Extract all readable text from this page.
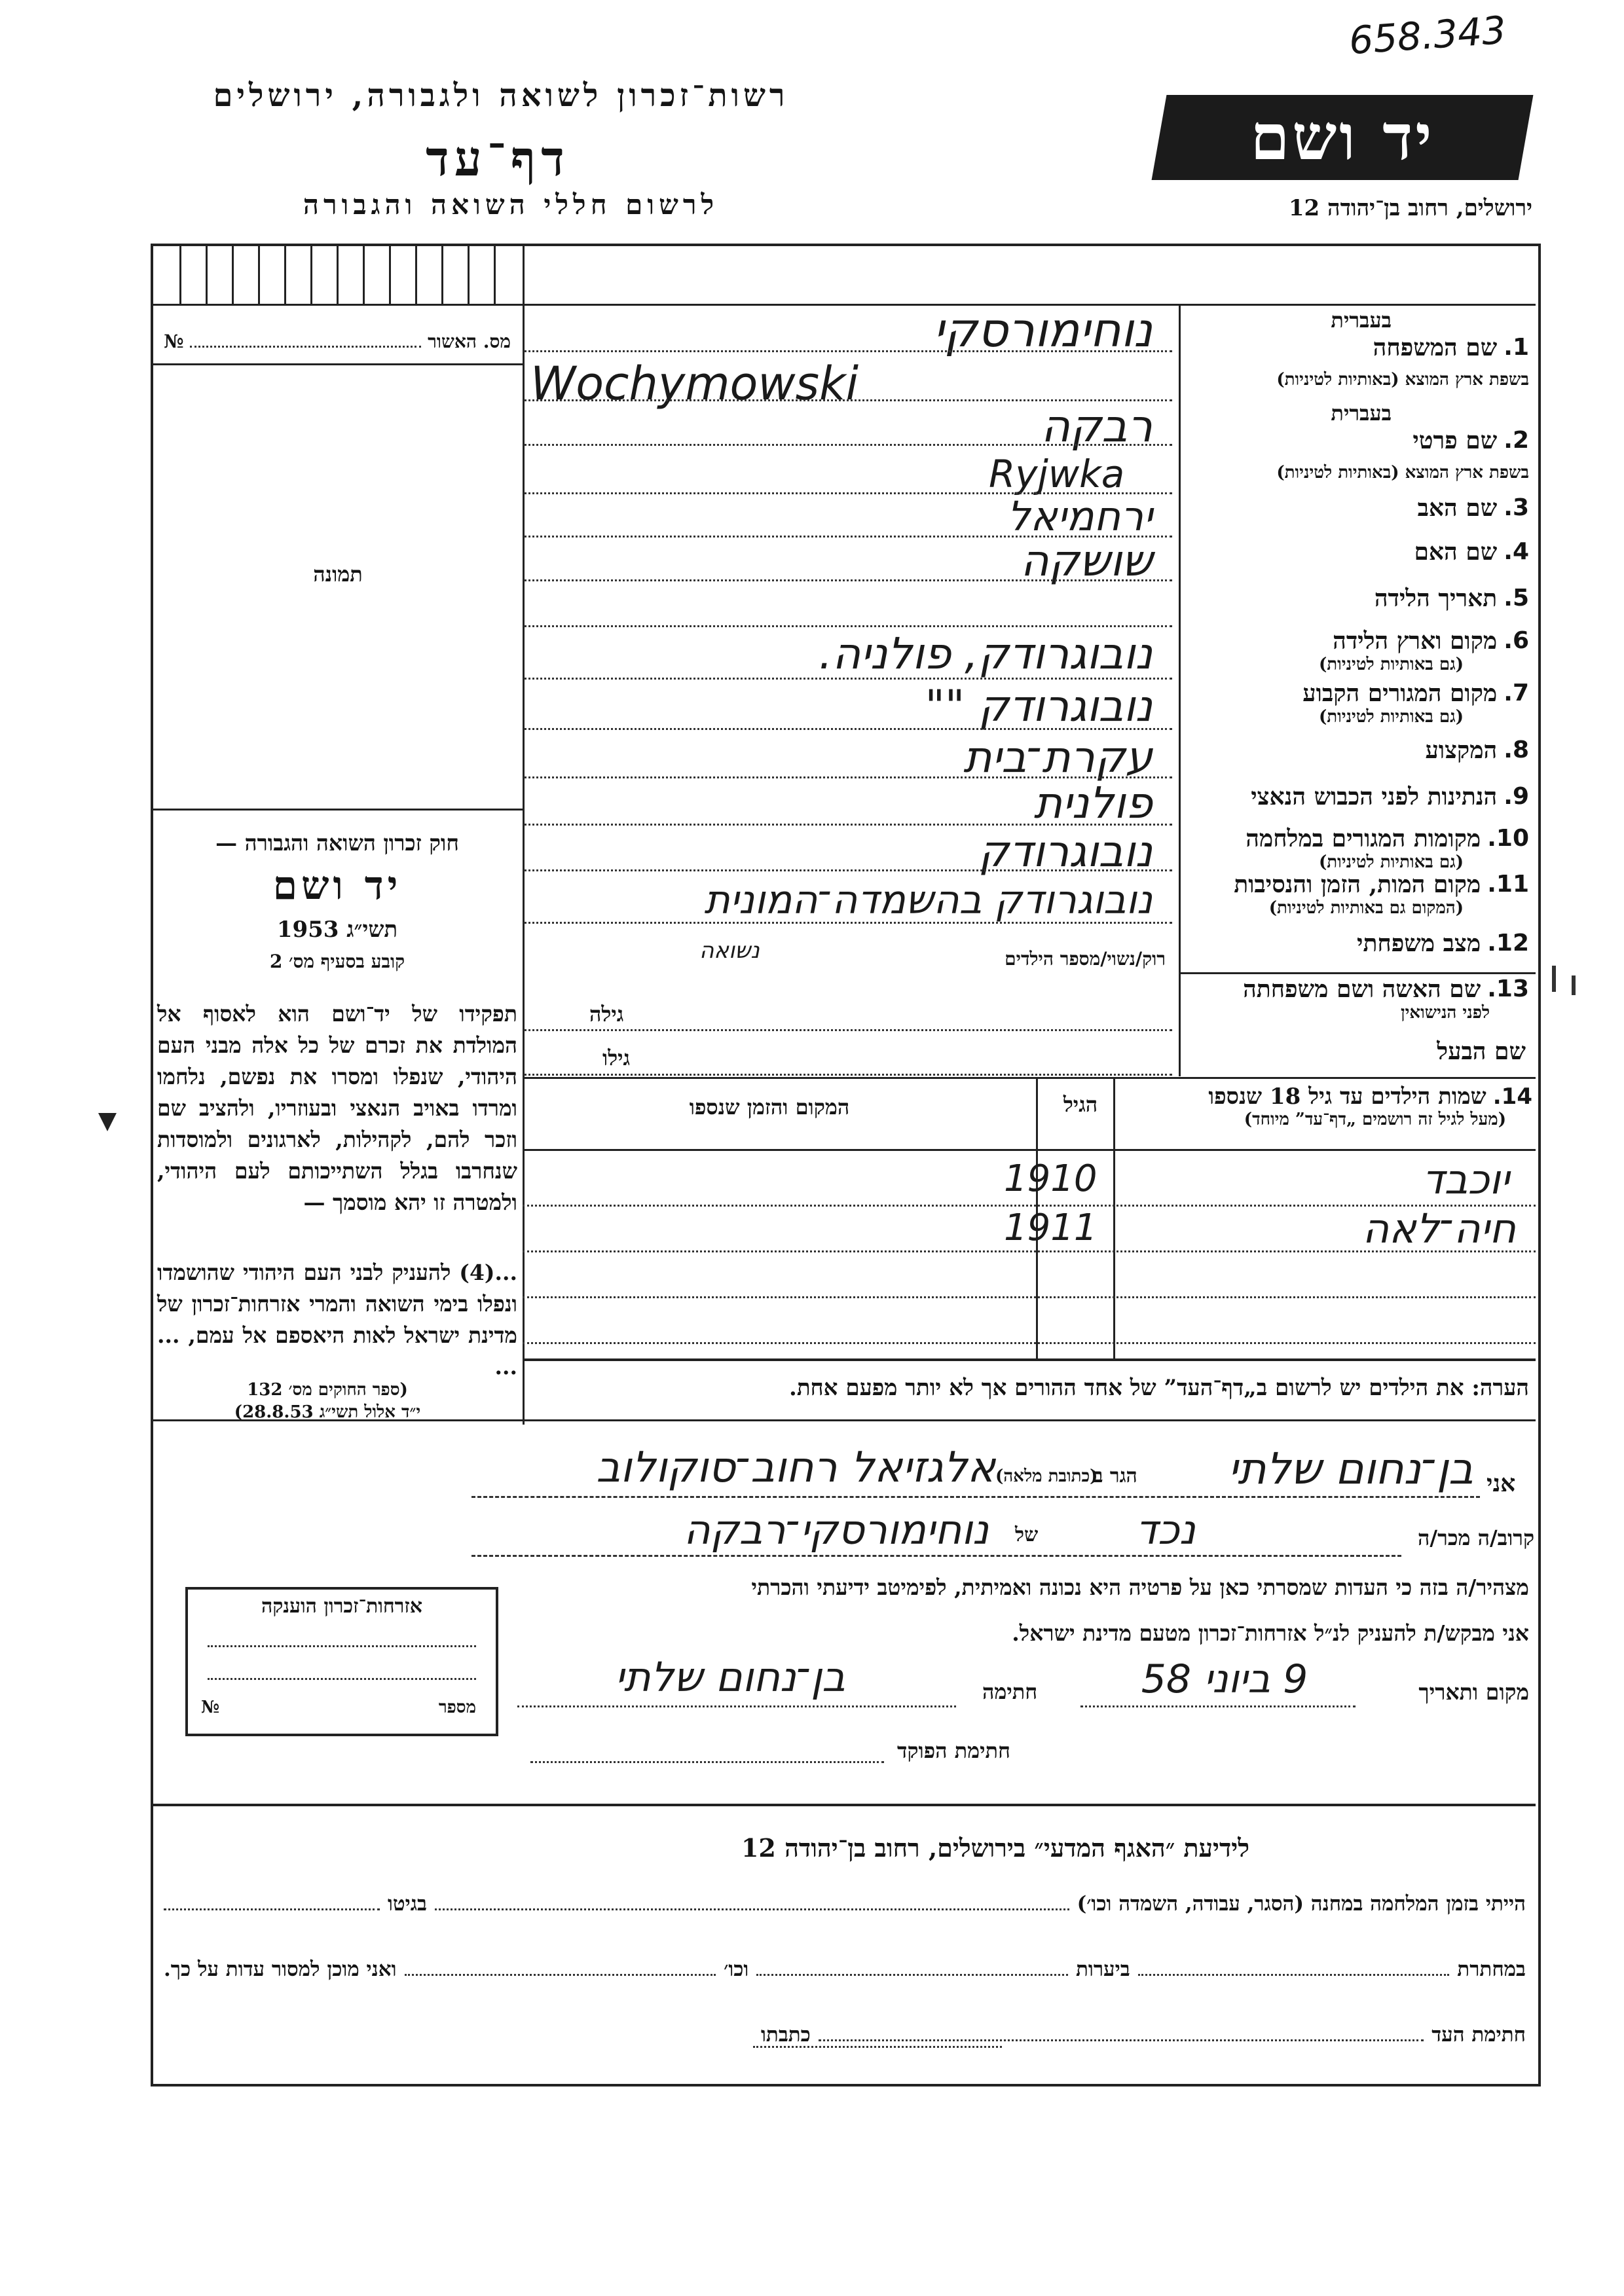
658.343
רשות־זכרון לשואה ולגבורה, ירושלים
דף־עד
לרשום חללי השואה והגבורה
יד ושם
ירושלים, רחוב בן־יהודה 12
מס. האשור
№
תמונה
חוק זכרון השואה והגבורה —
יד ושם
תשי״ג 1953
קובע בסעיף מס׳ 2
תפקידו של יד־ושם הוא לאסוף אל המולדת את זכרם של כל אלה מבני העם היהודי, שנפלו ומסרו את נפשם, נלחמו ומרדו באויב הנאצי ובעוזריו, ולהציב שם וזכר להם, לקהילות, לארגונים ולמוסדות שנחרבו בגלל השתייכותם לעם היהודי, ולמטרה זו יהא מוסמך —
...(4) להעניק לבני העם היהודי שהושמדו ונפלו בימי השואה והמרי אזרחות־זכרון של מדינת ישראל לאות היאספם אל עמם, ... ...
(ספר החוקים מס׳ 132
י״ד אלול תשי״ג 28.8.53)
בעברית
1.
שם המשפחה
בשפת ארץ המוצא (באותיות לטיניות)
נוחימורסקי
Wochymowski
בעברית
2.
שם פרטי
בשפת ארץ המוצא (באותיות לטיניות)
רבקה
Ryjwka
3.
שם האב
ירחמיאל
4.
שם האם
שושקה
5.
תאריך הלידה
6.
מקום וארץ הלידה
(גם באותיות לטיניות)
נובוגרודק, פולניה.
7.
מקום המגורים הקבוע
(גם באותיות לטיניות)
נובוגרודק ""
8.
המקצוע
עקרת־בית
9.
הנתינות לפני הכבוש הנאצי
פולנית
10.
מקומות המגורים במלחמה
(גם באותיות לטיניות)
נובוגרודק
11.
מקום המות, הזמן והנסיבות
(המקום גם באותיות לטיניות)
נובוגרודק בהשמדה־המונית
12.
מצב משפחתי
נשואה	רוק/נשוי/מספר הילדים
13.
שם האשה ושם משפחתה
לפני הנישואין
גילה
שם הבעל
גילו
14.
שמות הילדים עד גיל 18 שנספו
(מעל לגיל זה רושמים „דף־עד” מיוחד)
הגיל
המקום והזמן שנספו
יוכבד
1910
חיה־לאה
1911
הערה: את הילדים יש לרשום ב„דף־העד” של אחד ההורים אך לא יותר מפעם אחת.
אני
בן־נחום שלתי
הגר ב
(כתובת מלאה)
אלגזיאל רחוב־סוקולוב
קרוב/ה מכר/ה
נכד
של
נוחימורסקי־רבקה
מצהיר/ה בזה כי העדות שמסרתי כאן על פרטיה היא נכונה ואמיתית, לפימיטב ידיעתי והכרתי
אזרחות־זכרון הוענקה
מספר
№
אני מבקש/ת להעניק לנ״ל אזרחות־זכרון מטעם מדינת ישראל.
מקום ותאריך
9 ביוני 58
חתימה
בן־נחום שלתי
חתימת הפוקד
לידיעת ״האגף המדעי״ בירושלים, רחוב בן־יהודה 12
הייתי בזמן המלחמה במחנה (הסגר, עבודה, השמדה וכו׳)
בגיטו
במחתרת
ביערות
וכו׳
ואני מוכן למסור עדות על כך.
חתימת העד
כתבתו
